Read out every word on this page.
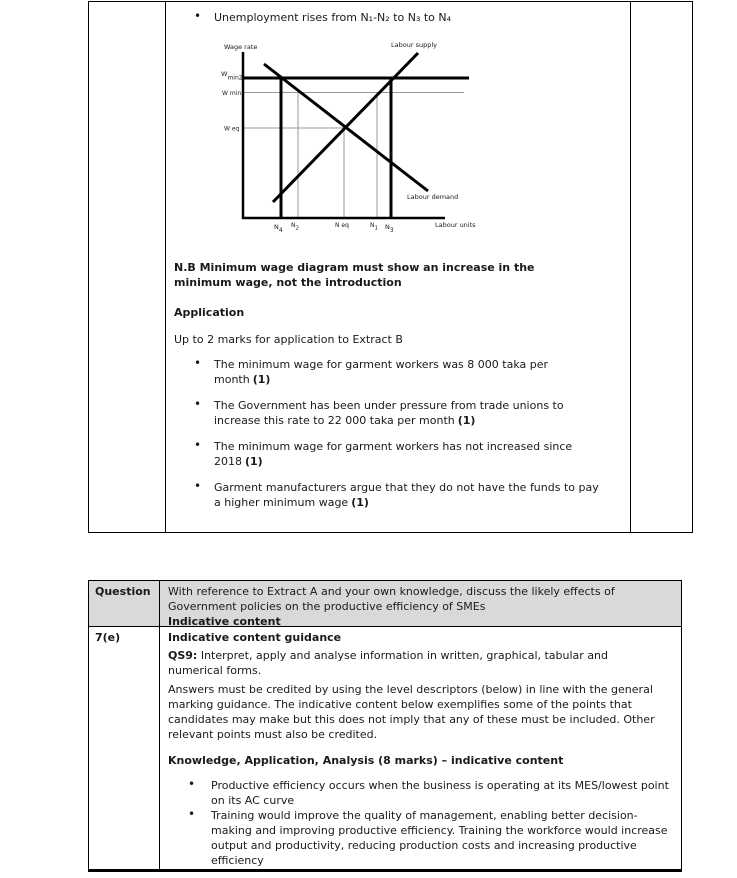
• Unemployment rises from N₁-N₂ to N₃ to N₄
Wage rate	Labour supply
Labour demand
Labour units
Wmin2
W min
W eq
N4
N2	N eq	N1 N3

N.B Minimum wage diagram must show an increase in the minimum wage, not the introduction

Application

Up to 2 marks for application to Extract B

• The minimum wage for garment workers was 8 000 taka per month (1)
• The Government has been under pressure from trade unions to increase this rate to 22 000 taka per month (1)
• The minimum wage for garment workers has not increased since 2018 (1)
• Garment manufacturers argue that they do not have the funds to pay a higher minimum wage (1)
Question	With reference to Extract A and your own knowledge, discuss the likely effects of Government policies on the productive efficiency of SMEs
Indicative content
7(e)	Indicative content guidance

QS9: Interpret, apply and analyse information in written, graphical, tabular and numerical forms.

Answers must be credited by using the level descriptors (below) in line with the general marking guidance. The indicative content below exemplifies some of the points that candidates may make but this does not imply that any of these must be included. Other relevant points must also be credited.

Knowledge, Application, Analysis (8 marks) – indicative content
• Productive efficiency occurs when the business is operating at its MES/lowest point on its AC curve
• Training would improve the quality of management, enabling better decision-making and improving productive efficiency. Training the workforce would increase output and productivity, reducing production costs and increasing productive efficiency
